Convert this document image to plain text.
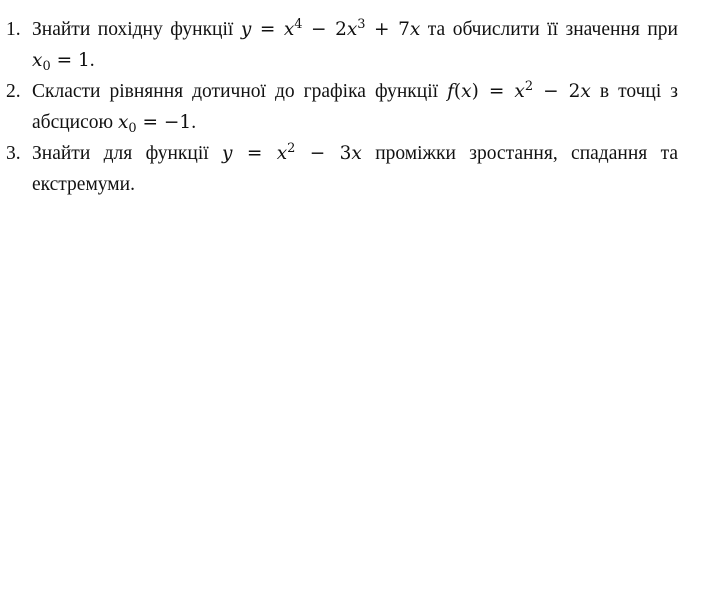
1. Знайти похідну функції $y = x^4 - 2x^3 + 7x$ та обчислити її значення при $x_0 = 1$.
2. Скласти рівняння дотичної до графіка функції $f(x) = x^2 - 2x$ в точці з абсцисою $x_0 = -1$.
3. Знайти для функції $y = x^2 - 3x$ проміжки зростання, спадання та екстремуми.
